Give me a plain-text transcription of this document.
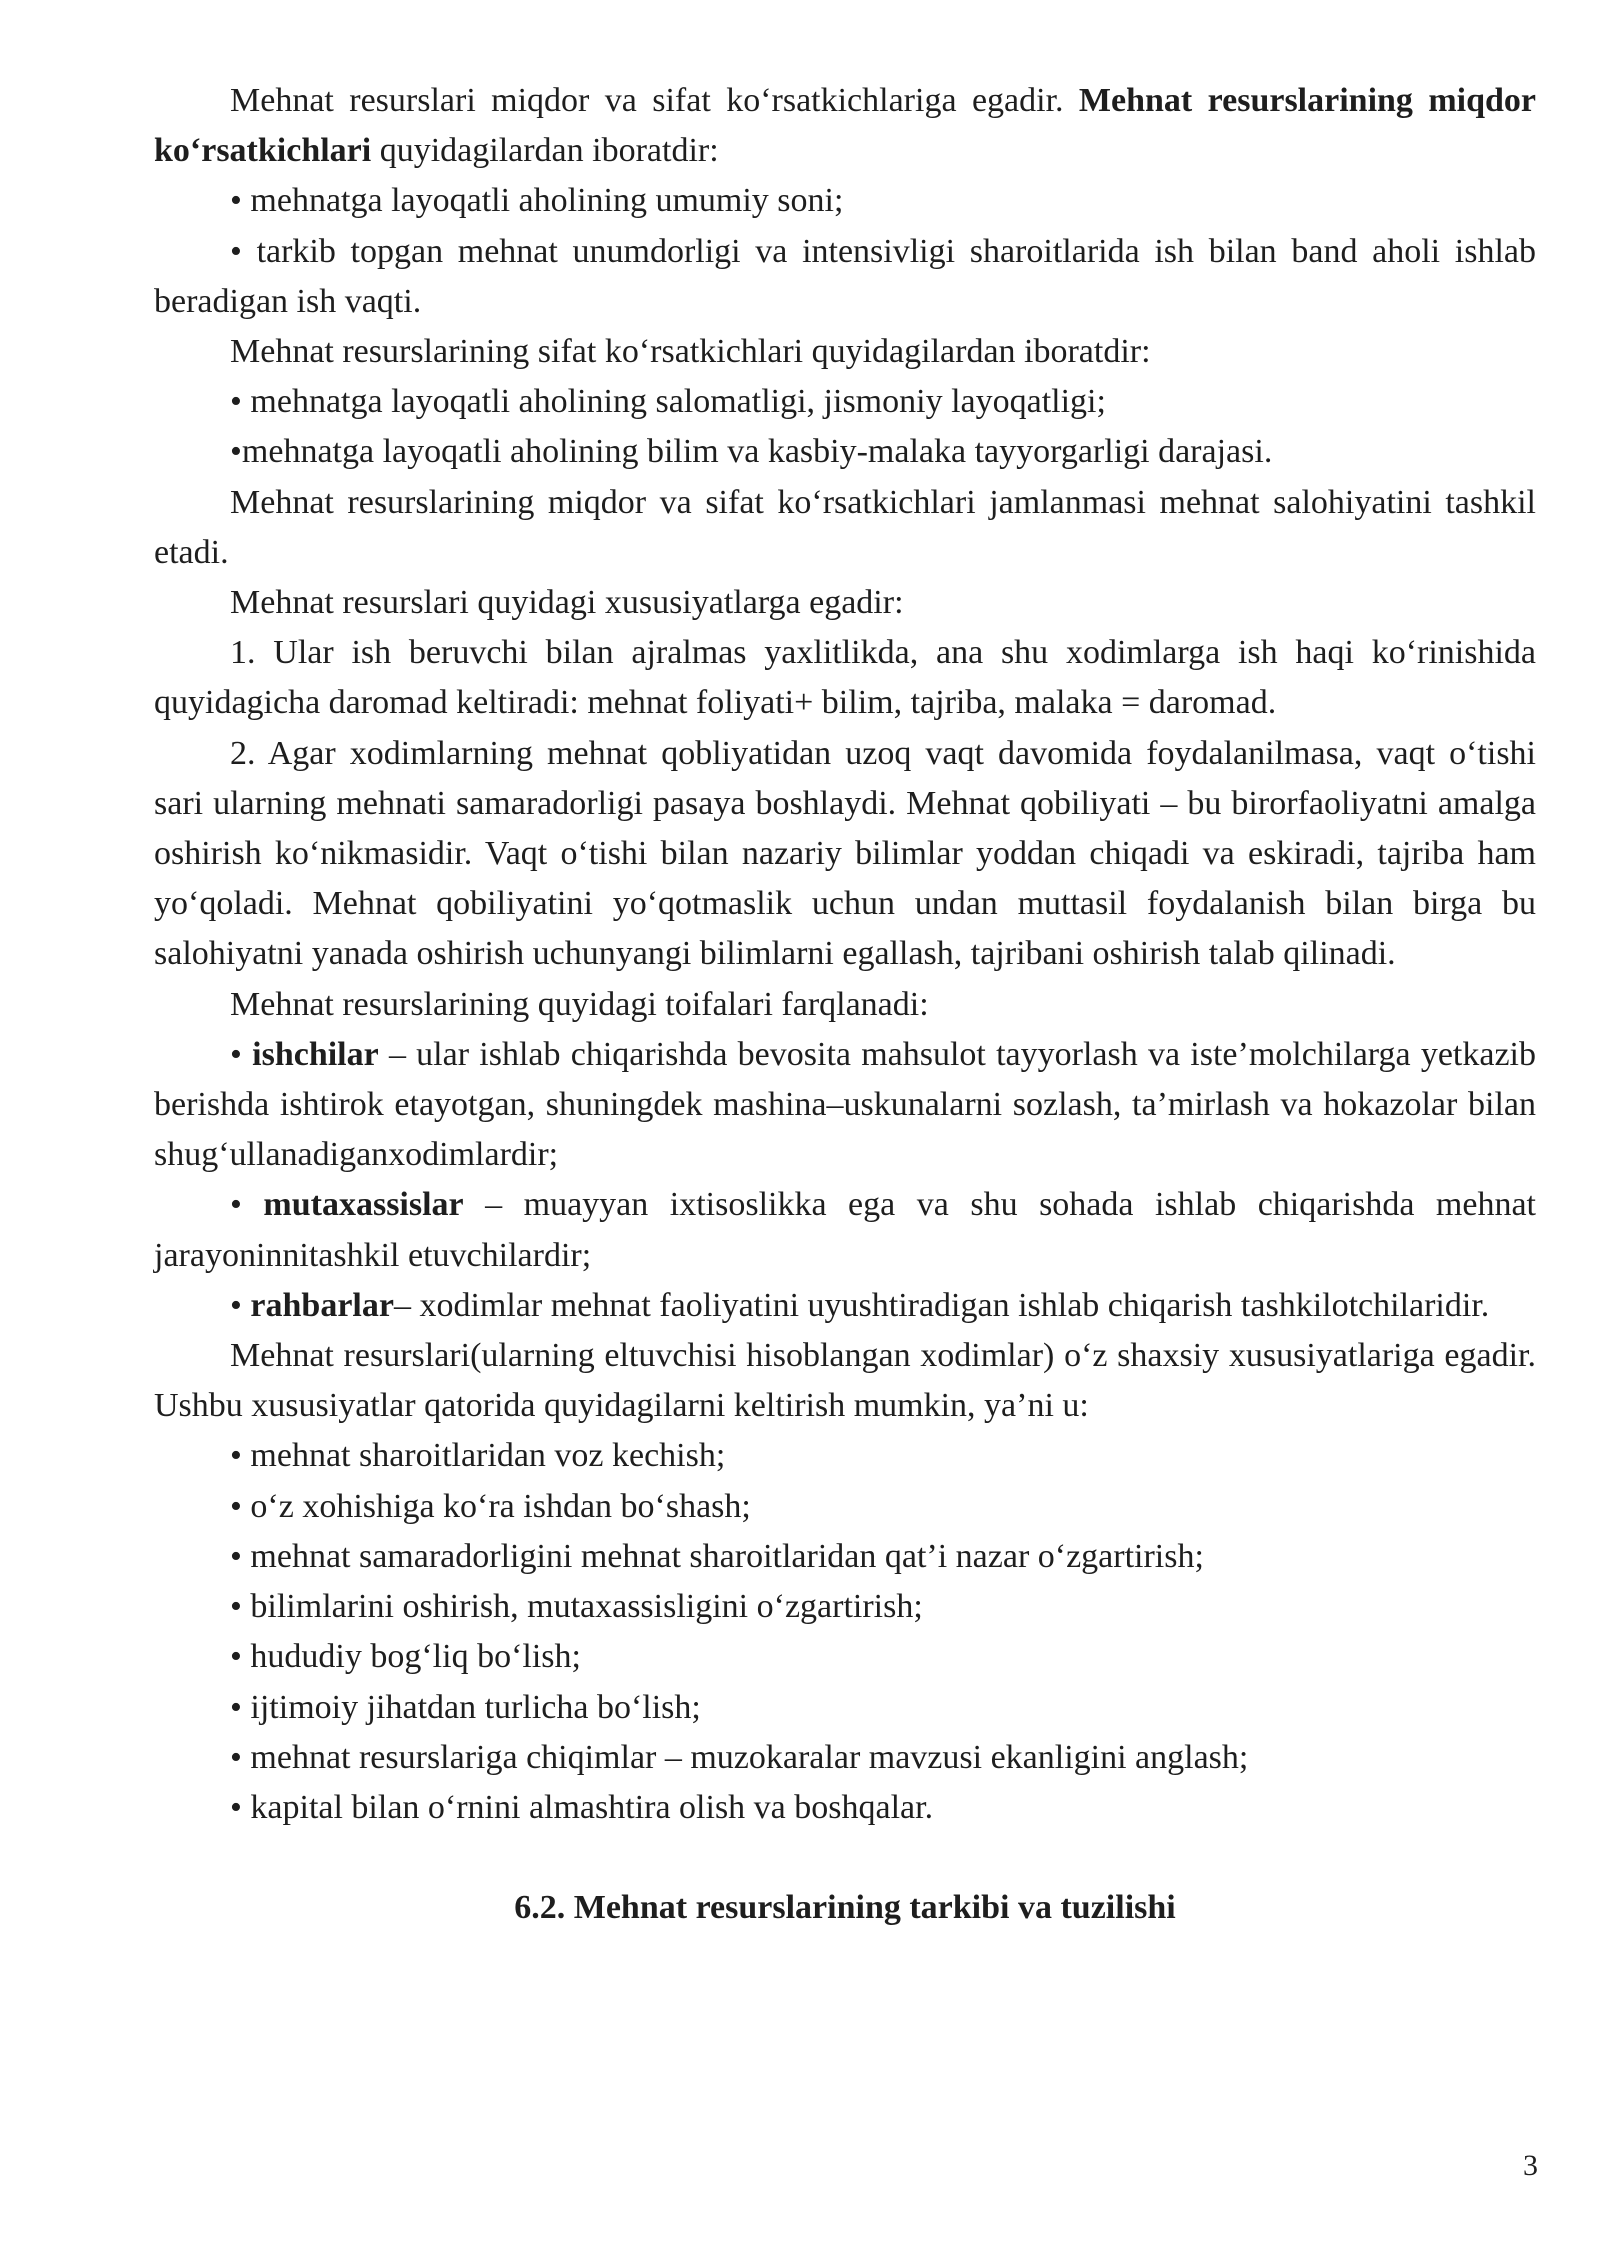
Mehnat resurslari miqdor va sifat ko‘rsatkichlariga egadir. Mehnat resurslarining miqdor ko‘rsatkichlari quyidagilardan iboratdir:

• mehnatga layoqatli aholining umumiy soni;

• tarkib topgan mehnat unumdorligi va intensivligi sharoitlarida ish bilan band aholi ishlab beradigan ish vaqti.

Mehnat resurslarining sifat ko‘rsatkichlari quyidagilardan iboratdir:

• mehnatga layoqatli aholining salomatligi, jismoniy layoqatligi;

•mehnatga layoqatli aholining bilim va kasbiy-malaka tayyorgarligi darajasi.

Mehnat resurslarining miqdor va sifat ko‘rsatkichlari jamlanmasi mehnat salohiyatini tashkil etadi.

Mehnat resurslari quyidagi xususiyatlarga egadir:

1. Ular ish beruvchi bilan ajralmas yaxlitlikda, ana shu xodimlarga ish haqi ko‘rinishida quyidagicha daromad keltiradi: mehnat foliyati+ bilim, tajriba, malaka = daromad.

2. Agar xodimlarning mehnat qobliyatidan uzoq vaqt davomida foydalanilmasa, vaqt o‘tishi sari ularning mehnati samaradorligi pasaya boshlaydi. Mehnat qobiliyati – bu birorfaoliyatni amalga oshirish ko‘nikmasidir. Vaqt o‘tishi bilan nazariy bilimlar yoddan chiqadi va eskiradi, tajriba ham yo‘qoladi. Mehnat qobiliyatini yo‘qotmaslik uchun undan muttasil foydalanish bilan birga bu salohiyatni yanada oshirish uchunyangi bilimlarni egallash, tajribani oshirish talab qilinadi.

Mehnat resurslarining quyidagi toifalari farqlanadi:

• ishchilar – ular ishlab chiqarishda bevosita mahsulot tayyorlash va iste’molchilarga yetkazib berishda ishtirok etayotgan, shuningdek mashina–uskunalarni sozlash, ta’mirlash va hokazolar bilan shug‘ullanadiganxodimlardir;

• mutaxassislar – muayyan ixtisoslikka ega va shu sohada ishlab chiqarishda mehnat jarayoninnitashkil etuvchilardir;

• rahbarlar– xodimlar mehnat faoliyatini uyushtiradigan ishlab chiqarish tashkilotchilaridir.

Mehnat resurslari(ularning eltuvchisi hisoblangan xodimlar) o‘z shaxsiy xususiyatlariga egadir. Ushbu xususiyatlar qatorida quyidagilarni keltirish mumkin, ya’ni u:

• mehnat sharoitlaridan voz kechish;

• o‘z xohishiga ko‘ra ishdan bo‘shash;

• mehnat samaradorligini mehnat sharoitlaridan qat’i nazar o‘zgartirish;

• bilimlarini oshirish, mutaxassisligini o‘zgartirish;

• hududiy bog‘liq bo‘lish;

• ijtimoiy jihatdan turlicha bo‘lish;

• mehnat resurslariga chiqimlar – muzokaralar mavzusi ekanligini anglash;

• kapital bilan o‘rnini almashtira olish va boshqalar.

6.2. Mehnat resurslarining tarkibi va tuzilishi

3
